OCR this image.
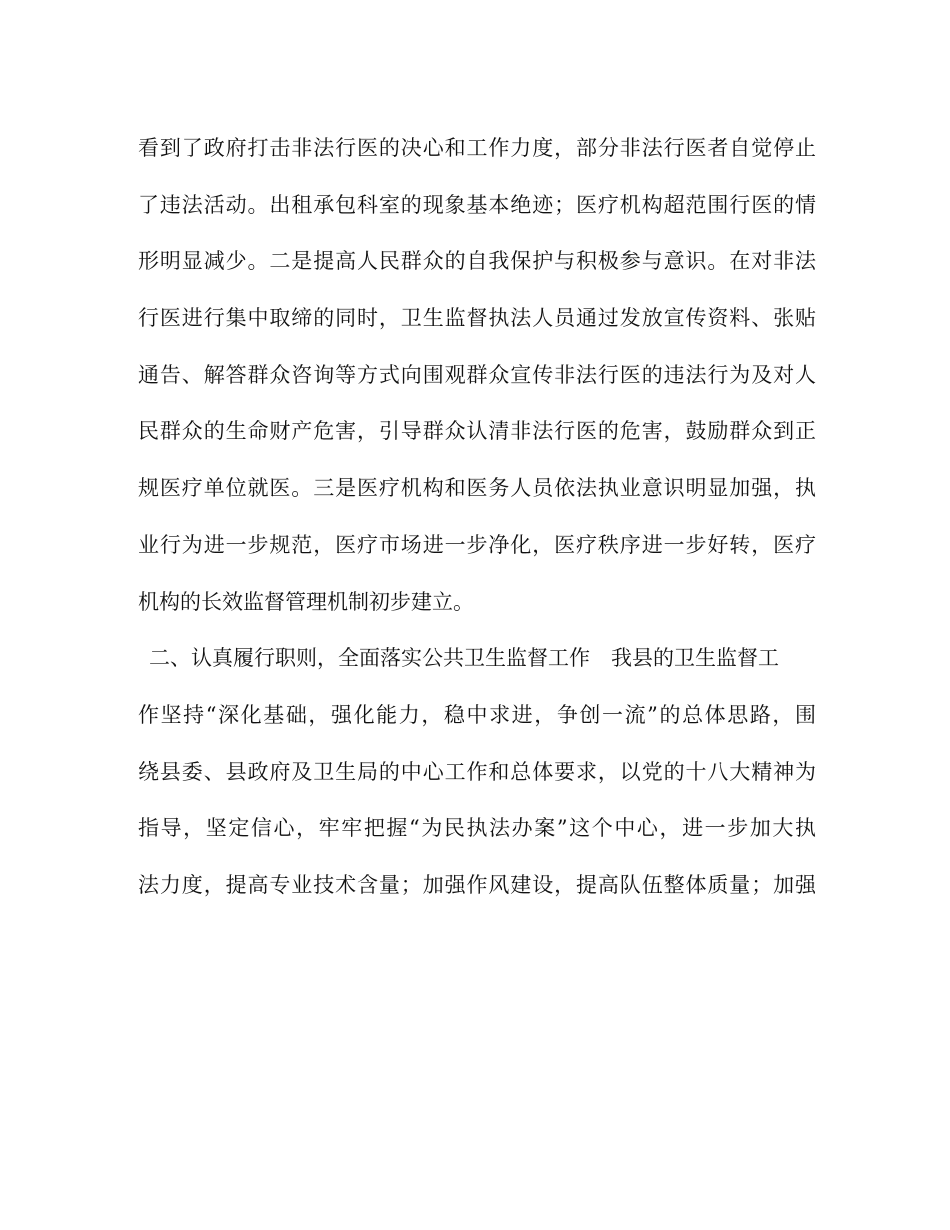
看到了政府打击非法行医的决心和工作力度，部分非法行医者自觉停止
了违法活动。出租承包科室的现象基本绝迹；医疗机构超范围行医的情
形明显减少。二是提高人民群众的自我保护与积极参与意识。在对非法
行医进行集中取缔的同时，卫生监督执法人员通过发放宣传资料、张贴
通告、解答群众咨询等方式向围观群众宣传非法行医的违法行为及对人
民群众的生命财产危害，引导群众认清非法行医的危害，鼓励群众到正
规医疗单位就医。三是医疗机构和医务人员依法执业意识明显加强，执
业行为进一步规范，医疗市场进一步净化，医疗秩序进一步好转，医疗
机构的长效监督管理机制初步建立。
二、认真履行职则，全面落实公共卫生监督工作　我县的卫生监督工
作坚持“深化基础，强化能力，稳中求进，争创一流”的总体思路，围
绕县委、县政府及卫生局的中心工作和总体要求，以党的十八大精神为
指导，坚定信心，牢牢把握“为民执法办案”这个中心，进一步加大执
法力度，提高专业技术含量；加强作风建设，提高队伍整体质量；加强
